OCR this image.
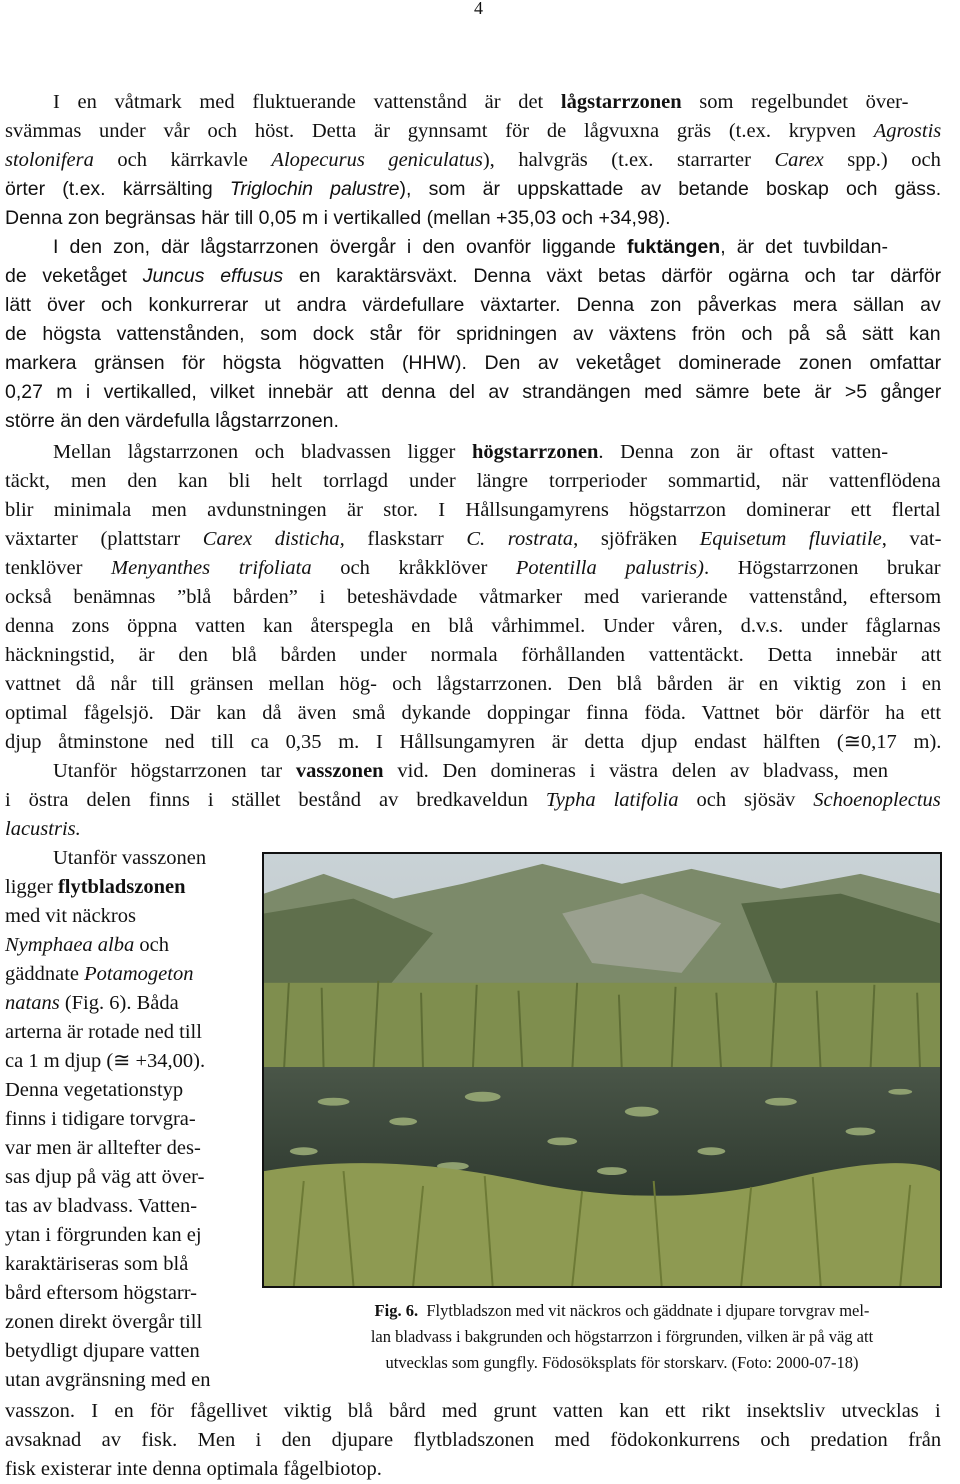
4
I en våtmark med fluktuerande vattenstånd är det lågstarrzonen som regelbundet över-
svämmas under vår och höst. Detta är gynnsamt för de lågvuxna gräs (t.ex. krypven Agrostis
stolonifera och kärrkavle Alopecurus geniculatus), halvgräs (t.ex. starrarter Carex spp.) och
örter (t.ex. kärrsälting Triglochin palustre), som är uppskattade av betande boskap och gäss.
Denna zon begränsas här till 0,05 m i vertikalled (mellan +35,03 och +34,98).
I den zon, där lågstarrzonen övergår i den ovanför liggande fuktängen, är det tuvbildan-
de veketåget Juncus effusus en karaktärsväxt. Denna växt betas därför ogärna och tar därför
lätt över och konkurrerar ut andra värdefullare växtarter. Denna zon påverkas mera sällan av
de högsta vattenstånden, som dock står för spridningen av växtens frön och på så sätt kan
markera gränsen för högsta högvatten (HHW). Den av veketåget dominerade zonen omfattar
0,27 m i vertikalled, vilket innebär att denna del av strandängen med sämre bete är >5 gånger
större än den värdefulla lågstarrzonen.
Mellan lågstarrzonen och bladvassen ligger högstarrzonen. Denna zon är oftast vatten-
täckt, men den kan bli helt torrlagd under längre torrperioder sommartid, när vattenflödena
blir minimala men avdunstningen är stor. I Hållsungamyrens högstarrzon dominerar ett flertal
växtarter (plattstarr Carex disticha, flaskstarr C. rostrata, sjöfräken Equisetum fluviatile, vat-
tenklöver Menyanthes trifoliata och kråkklöver Potentilla palustris). Högstarrzonen brukar
också benämnas ”blå bården” i beteshävdade våtmarker med varierande vattenstånd, eftersom
denna zons öppna vatten kan återspegla en blå vårhimmel. Under våren, d.v.s. under fåglarnas
häckningstid, är den blå bården under normala förhållanden vattentäckt. Detta innebär att
vattnet då når till gränsen mellan hög- och lågstarrzonen. Den blå bården är en viktig zon i en
optimal fågelsjö. Där kan då även små dykande doppingar finna föda. Vattnet bör därför ha ett
djup åtminstone ned till ca 0,35 m. I Hållsungamyren är detta djup endast hälften (≅0,17 m).
Utanför högstarrzonen tar vasszonen vid. Den domineras i västra delen av bladvass, men
i östra delen finns i stället bestånd av bredkaveldun Typha latifolia och sjösäv Schoenoplectus
lacustris.
Utanför vasszonen
ligger flytbladszonen
med vit näckros
Nymphaea alba och
gäddnate Potamogeton
natans (Fig. 6). Båda
arterna är rotade ned till
ca 1 m djup (≅ +34,00).
Denna vegetationstyp
finns i tidigare torvgra-
var men är alltefter des-
sas djup på väg att över-
tas av bladvass. Vatten-
ytan i förgrunden kan ej
karaktäriseras som blå
bård eftersom högstarr-
zonen direkt övergår till
betydligt djupare vatten
utan avgränsning med en
vasszon. I en för fågellivet viktig blå bård med grunt vatten kan ett rikt insektsliv utvecklas i
avsaknad av fisk. Men i den djupare flytbladszonen med födokonkurrens och predation från
fisk existerar inte denna optimala fågelbiotop.
Fig. 6. Flytbladszon med vit näckros och gäddnate i djupare torvgrav mel-
lan bladvass i bakgrunden och högstarrzon i förgrunden, vilken är på väg att
utvecklas som gungfly. Födosöksplats för storskarv. (Foto: 2000-07-18)
